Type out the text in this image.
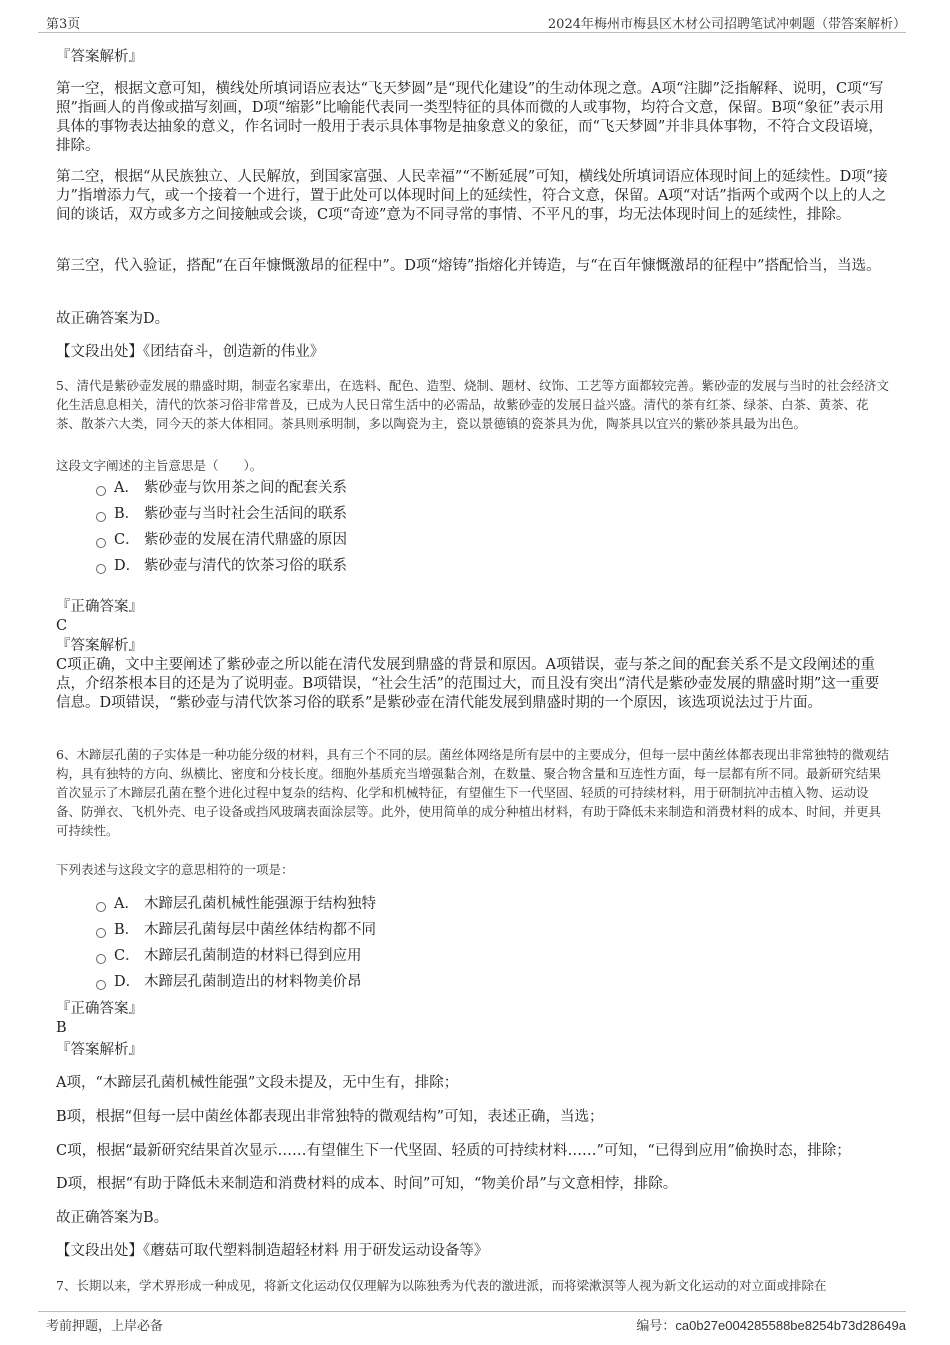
第3页	2024年梅州市梅县区木材公司招聘笔试冲刺题（带答案解析）

『答案解析』

第一空，根据文意可知，横线处所填词语应表达“飞天梦圆”是“现代化建设”的生动体现之意。A项“注脚”泛指解释、说明，C项“写照”指画人的肖像或描写刻画，D项“缩影”比喻能代表同一类型特征的具体而微的人或事物，均符合文意，保留。B项“象征”表示用具体的事物表达抽象的意义，作名词时一般用于表示具体事物是抽象意义的象征，而“飞天梦圆”并非具体事物，不符合文段语境，排除。

第二空，根据“从民族独立、人民解放，到国家富强、人民幸福”“不断延展”可知，横线处所填词语应体现时间上的延续性。D项“接力”指增添力气，或一个接着一个进行，置于此处可以体现时间上的延续性，符合文意，保留。A项“对话”指两个或两个以上的人之间的谈话，双方或多方之间接触或会谈，C项“奇迹”意为不同寻常的事情、不平凡的事，均无法体现时间上的延续性，排除。

第三空，代入验证，搭配“在百年慷慨激昂的征程中”。D项“熔铸”指熔化并铸造，与“在百年慷慨激昂的征程中”搭配恰当，当选。

故正确答案为D。

【文段出处】《团结奋斗，创造新的伟业》

5、清代是紫砂壶发展的鼎盛时期，制壶名家辈出，在选料、配色、造型、烧制、题材、纹饰、工艺等方面都较完善。紫砂壶的发展与当时的社会经济文化生活息息相关，清代的饮茶习俗非常普及，已成为人民日常生活中的必需品，故紫砂壶的发展日益兴盛。清代的茶有红茶、绿茶、白茶、黄茶、花茶、散茶六大类，同今天的茶大体相同。茶具则承明制，多以陶瓷为主，瓷以景德镇的瓷茶具为优，陶茶具以宜兴的紫砂茶具最为出色。

这段文字阐述的主旨意思是（　　）。

A． 紫砂壶与饮用茶之间的配套关系
B． 紫砂壶与当时社会生活间的联系
C． 紫砂壶的发展在清代鼎盛的原因
D． 紫砂壶与清代的饮茶习俗的联系

『正确答案』

C

『答案解析』

C项正确，文中主要阐述了紫砂壶之所以能在清代发展到鼎盛的背景和原因。A项错误，壶与茶之间的配套关系不是文段阐述的重点，介绍茶根本目的还是为了说明壶。B项错误，“社会生活”的范围过大，而且没有突出“清代是紫砂壶发展的鼎盛时期”这一重要信息。D项错误，“紫砂壶与清代饮茶习俗的联系”是紫砂壶在清代能发展到鼎盛时期的一个原因，该选项说法过于片面。

6、木蹄层孔菌的子实体是一种功能分级的材料，具有三个不同的层。菌丝体网络是所有层中的主要成分，但每一层中菌丝体都表现出非常独特的微观结构，具有独特的方向、纵横比、密度和分枝长度。细胞外基质充当增强黏合剂，在数量、聚合物含量和互连性方面，每一层都有所不同。最新研究结果首次显示了木蹄层孔菌在整个进化过程中复杂的结构、化学和机械特征，有望催生下一代坚固、轻质的可持续材料，用于研制抗冲击植入物、运动设备、防弹衣、飞机外壳、电子设备或挡风玻璃表面涂层等。此外，使用简单的成分种植出材料，有助于降低未来制造和消费材料的成本、时间，并更具可持续性。

下列表述与这段文字的意思相符的一项是：

A． 木蹄层孔菌机械性能强源于结构独特
B． 木蹄层孔菌每层中菌丝体结构都不同
C． 木蹄层孔菌制造的材料已得到应用
D． 木蹄层孔菌制造出的材料物美价昂

『正确答案』

B

『答案解析』

A项，“木蹄层孔菌机械性能强”文段未提及，无中生有，排除；

B项，根据“但每一层中菌丝体都表现出非常独特的微观结构”可知，表述正确，当选；

C项，根据“最新研究结果首次显示……有望催生下一代坚固、轻质的可持续材料……”可知，“已得到应用”偷换时态，排除；

D项，根据“有助于降低未来制造和消费材料的成本、时间”可知，“物美价昂”与文意相悖，排除。

故正确答案为B。

【文段出处】《蘑菇可取代塑料制造超轻材料 用于研发运动设备等》

7、长期以来，学术界形成一种成见，将新文化运动仅仅理解为以陈独秀为代表的激进派，而将梁漱溟等人视为新文化运动的对立面或排除在

考前押题，上岸必备	编号：ca0b27e004285588be8254b73d28649a
